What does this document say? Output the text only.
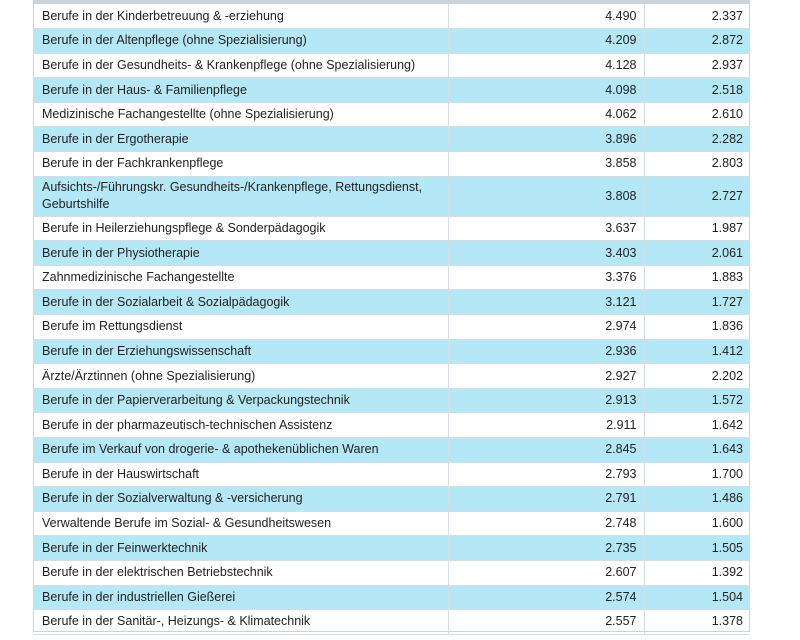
Berufe in der Kinderbetreuung & -erziehung	4.490	2.337
Berufe in der Altenpflege (ohne Spezialisierung)	4.209	2.872
Berufe in der Gesundheits- & Krankenpflege (ohne Spezialisierung)	4.128	2.937
Berufe in der Haus- & Familienpflege	4.098	2.518
Medizinische Fachangestellte (ohne Spezialisierung)	4.062	2.610
Berufe in der Ergotherapie	3.896	2.282
Berufe in der Fachkrankenpflege	3.858	2.803
Aufsichts-/Führungskr. Gesundheits-/Krankenpflege, Rettungsdienst, Geburtshilfe	3.808	2.727
Berufe in Heilerziehungspflege & Sonderpädagogik	3.637	1.987
Berufe in der Physiotherapie	3.403	2.061
Zahnmedizinische Fachangestellte	3.376	1.883
Berufe in der Sozialarbeit & Sozialpädagogik	3.121	1.727
Berufe im Rettungsdienst	2.974	1.836
Berufe in der Erziehungswissenschaft	2.936	1.412
Ärzte/Ärztinnen (ohne Spezialisierung)	2.927	2.202
Berufe in der Papierverarbeitung & Verpackungstechnik	2.913	1.572
Berufe in der pharmazeutisch-technischen Assistenz	2.911	1.642
Berufe im Verkauf von drogerie- & apothekenüblichen Waren	2.845	1.643
Berufe in der Hauswirtschaft	2.793	1.700
Berufe in der Sozialverwaltung & -versicherung	2.791	1.486
Verwaltende Berufe im Sozial- & Gesundheitswesen	2.748	1.600
Berufe in der Feinwerktechnik	2.735	1.505
Berufe in der elektrischen Betriebstechnik	2.607	1.392
Berufe in der industriellen Gießerei	2.574	1.504
Berufe in der Sanitär-, Heizungs- & Klimatechnik	2.557	1.378
